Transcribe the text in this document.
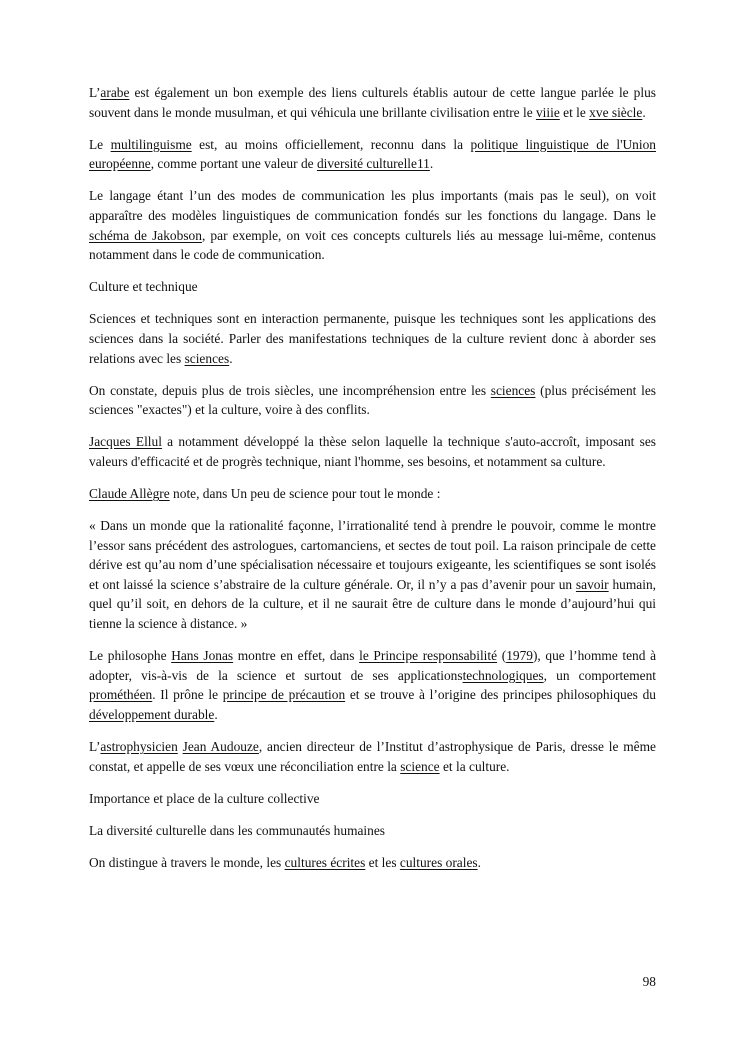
L’arabe est également un bon exemple des liens culturels établis autour de cette langue parlée le plus souvent dans le monde musulman, et qui véhicula une brillante civilisation entre le viiie et le xve siècle.

Le multilinguisme est, au moins officiellement, reconnu dans la politique linguistique de l'Union européenne, comme portant une valeur de diversité culturelle11.

Le langage étant l’un des modes de communication les plus importants (mais pas le seul), on voit apparaître des modèles linguistiques de communication fondés sur les fonctions du langage. Dans le schéma de Jakobson, par exemple, on voit ces concepts culturels liés au message lui-même, contenus notamment dans le code de communication.

Culture et technique

Sciences et techniques sont en interaction permanente, puisque les techniques sont les applications des sciences dans la société. Parler des manifestations techniques de la culture revient donc à aborder ses relations avec les sciences.

On constate, depuis plus de trois siècles, une incompréhension entre les sciences (plus précisément les sciences "exactes") et la culture, voire à des conflits.

Jacques Ellul a notamment développé la thèse selon laquelle la technique s'auto-accroît, imposant ses valeurs d'efficacité et de progrès technique, niant l'homme, ses besoins, et notamment sa culture.

Claude Allègre note, dans Un peu de science pour tout le monde :

« Dans un monde que la rationalité façonne, l’irrationalité tend à prendre le pouvoir, comme le montre l’essor sans précédent des astrologues, cartomanciens, et sectes de tout poil. La raison principale de cette dérive est qu’au nom d’une spécialisation nécessaire et toujours exigeante, les scientifiques se sont isolés et ont laissé la science s’abstraire de la culture générale. Or, il n’y a pas d’avenir pour un savoir humain, quel qu’il soit, en dehors de la culture, et il ne saurait être de culture dans le monde d’aujourd’hui qui tienne la science à distance. »

Le philosophe Hans Jonas montre en effet, dans le Principe responsabilité (1979), que l’homme tend à adopter, vis-à-vis de la science et surtout de ses applicationstechnologiques, un comportement prométhéen. Il prône le principe de précaution et se trouve à l’origine des principes philosophiques du développement durable.

L’astrophysicien Jean Audouze, ancien directeur de l’Institut d’astrophysique de Paris, dresse le même constat, et appelle de ses vœux une réconciliation entre la science et la culture.

Importance et place de la culture collective

La diversité culturelle dans les communautés humaines

On distingue à travers le monde, les cultures écrites et les cultures orales.

98
